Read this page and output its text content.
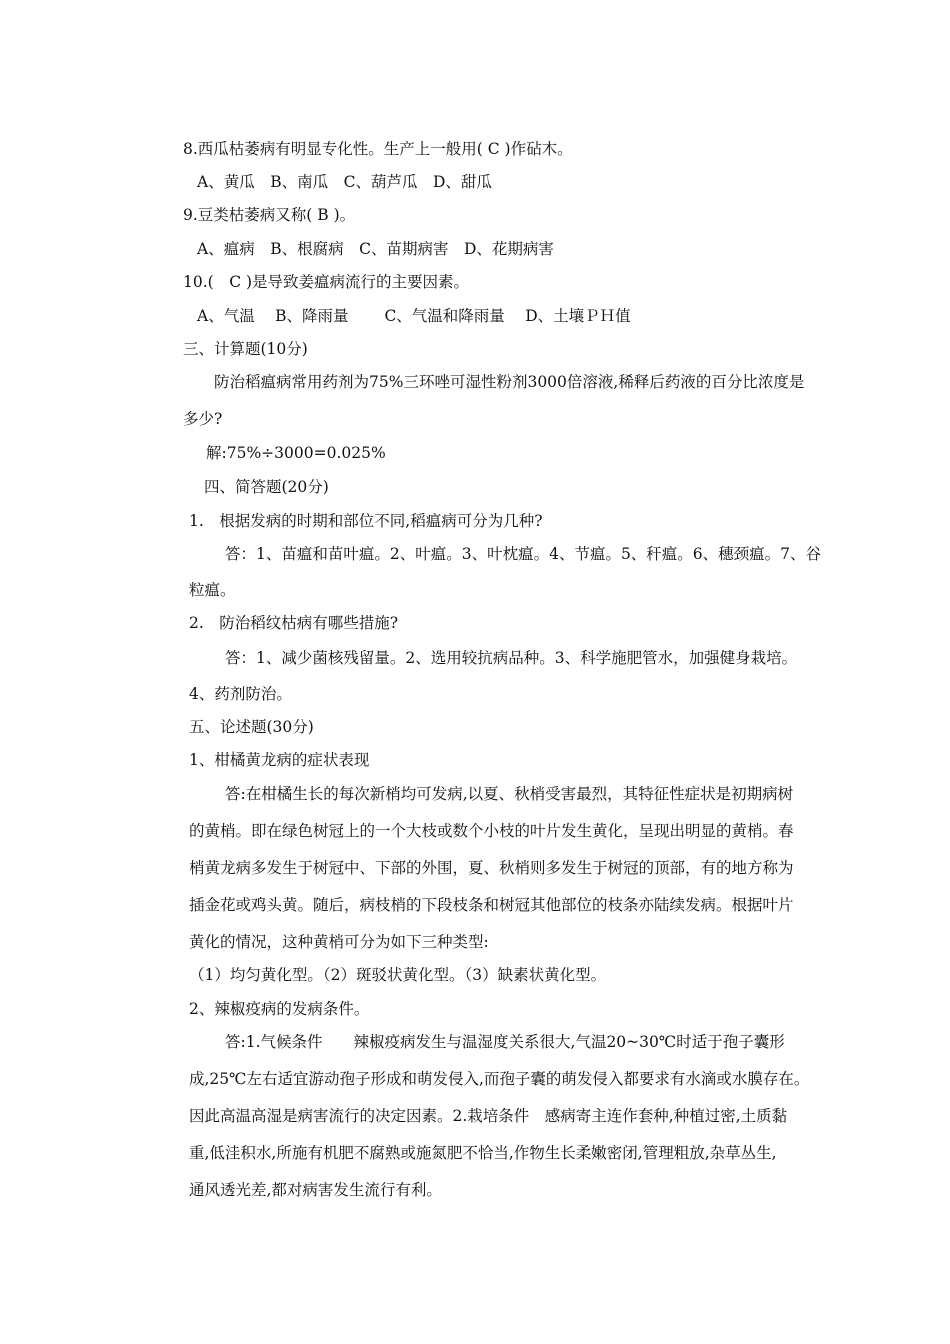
8.西瓜枯萎病有明显专化性。生产上一般用( C )作砧木。
A、黄瓜　B、南瓜　C、葫芦瓜　D、甜瓜
9.豆类枯萎病又称( B )。
A、瘟病　B、根腐病　C、苗期病害　D、花期病害
10.(　C )是导致姜瘟病流行的主要因素。
A、气温　 B、降雨量　　 C、气温和降雨量　 D、土壤ＰＨ值
三、计算题(10分)
防治稻瘟病常用药剂为75%三环唑可湿性粉剂3000倍溶液,稀释后药液的百分比浓度是
多少?
解:75%÷3000=0.025%
四、简答题(20分)
1.　根据发病的时期和部位不同,稻瘟病可分为几种?
答：1、苗瘟和苗叶瘟。2、叶瘟。3、叶枕瘟。4、节瘟。5、秆瘟。6、穗颈瘟。7、谷
粒瘟。
2.　防治稻纹枯病有哪些措施?
答：1、减少菌核残留量。2、选用较抗病品种。3、科学施肥管水，加强健身栽培。
4、药剂防治。
五、论述题(30分)
1、柑橘黄龙病的症状表现
答:在柑橘生长的每次新梢均可发病,以夏、秋梢受害最烈，其特征性症状是初期病树
的黄梢。即在绿色树冠上的一个大枝或数个小枝的叶片发生黄化，呈现出明显的黄梢。春
梢黄龙病多发生于树冠中、下部的外围，夏、秋梢则多发生于树冠的顶部，有的地方称为
插金花或鸡头黄。随后，病枝梢的下段枝条和树冠其他部位的枝条亦陆续发病。根据叶片
黄化的情况，这种黄梢可分为如下三种类型:
（1）均匀黄化型。（2）斑驳状黄化型。（3）缺素状黄化型。
2、辣椒疫病的发病条件。
答:1.气候条件　　辣椒疫病发生与温湿度关系很大,气温20~30℃时适于孢子囊形
成,25℃左右适宜游动孢子形成和萌发侵入,而孢子囊的萌发侵入都要求有水滴或水膜存在。
因此高温高湿是病害流行的决定因素。2.栽培条件　感病寄主连作套种,种植过密,土质黏
重,低洼积水,所施有机肥不腐熟或施氮肥不恰当,作物生长柔嫩密闭,管理粗放,杂草丛生,
通风透光差,都对病害发生流行有利。
